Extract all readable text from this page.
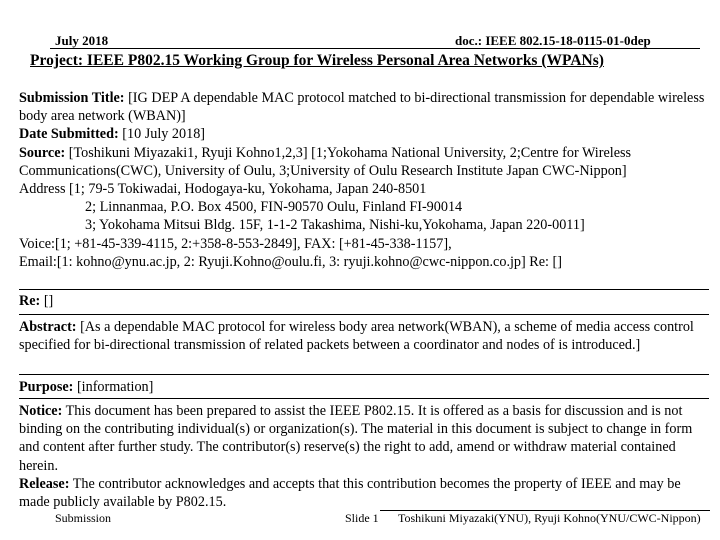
July 2018	doc.: IEEE 802.15-18-0115-01-0dep
Project: IEEE P802.15 Working Group for Wireless Personal Area Networks (WPANs)

Submission Title: [IG DEP A dependable MAC protocol matched to bi-directional transmission for dependable wireless body area network (WBAN)]

Date Submitted: [10 July 2018]

Source: [Toshikuni Miyazaki1, Ryuji Kohno1,2,3] [1;Yokohama National University, 2;Centre for Wireless Communications(CWC), University of Oulu, 3;University of Oulu Research Institute Japan CWC-Nippon]

Address [1; 79-5 Tokiwadai, Hodogaya-ku, Yokohama, Japan 240-8501

2; Linnanmaa, P.O. Box 4500, FIN-90570 Oulu, Finland FI-90014

3; Yokohama Mitsui Bldg. 15F, 1-1-2 Takashima, Nishi-ku,Yokohama, Japan 220-0011]

Voice:[1; +81-45-339-4115, 2:+358-8-553-2849], FAX: [+81-45-338-1157],

Email:[1: kohno@ynu.ac.jp, 2: Ryuji.Kohno@oulu.fi, 3: ryuji.kohno@cwc-nippon.co.jp] Re: []

Re: []

Abstract: [As a dependable MAC protocol for wireless body area network(WBAN), a scheme of media access control specified for bi-directional transmission of related packets between a coordinator and nodes of is introduced.]

Purpose: [information]

Notice: This document has been prepared to assist the IEEE P802.15. It is offered as a basis for discussion and is not binding on the contributing individual(s) or organization(s). The material in this document is subject to change in form and content after further study. The contributor(s) reserve(s) the right to add, amend or withdraw material contained herein.

Release: The contributor acknowledges and accepts that this contribution becomes the property of IEEE and may be made publicly available by P802.15.

Submission	Slide 1 Toshikuni Miyazaki(YNU), Ryuji Kohno(YNU/CWC-Nippon)
